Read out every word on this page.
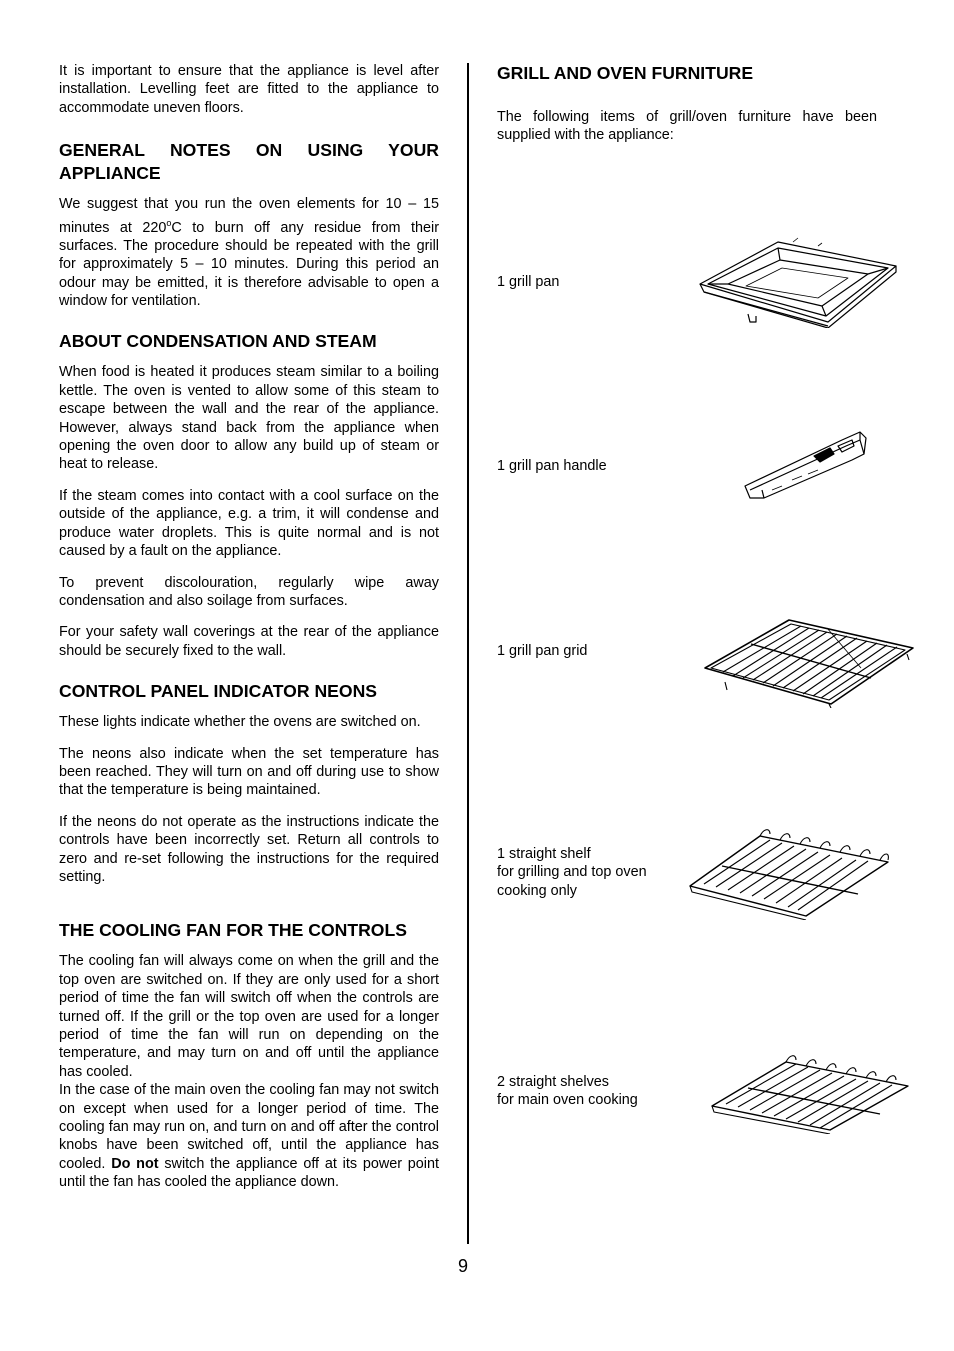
It is important to ensure that the appliance is level after installation. Levelling feet are fitted to the appliance to accommodate uneven floors.

GENERAL NOTES ON USING YOUR
APPLIANCE

We suggest that you run the oven elements for 10 – 15 minutes at 220$^o$C to burn off any residue from their surfaces. The procedure should be repeated with the grill for approximately 5 – 10 minutes. During this period an odour may be emitted, it is therefore advisable to open a window for ventilation.

ABOUT CONDENSATION AND STEAM

When food is heated it produces steam similar to a boiling kettle. The oven is vented to allow some of this steam to escape between the wall and the rear of the appliance. However, always stand back from the appliance when opening the oven door to allow any build up of steam or heat to release.

If the steam comes into contact with a cool surface on the outside of the appliance, e.g. a trim, it will condense and produce water droplets. This is quite normal and is not caused by a fault on the appliance.

To prevent discolouration, regularly wipe away condensation and also soilage from surfaces.

For your safety wall coverings at the rear of the appliance should be securely fixed to the wall.

CONTROL PANEL INDICATOR NEONS

These lights indicate whether the ovens are switched on.

The neons also indicate when the set temperature has been reached. They will turn on and off during use to show that the temperature is being maintained.

If the neons do not operate as the instructions indicate the controls have been incorrectly set. Return all controls to zero and re-set following the instructions for the required setting.

THE COOLING FAN FOR THE CONTROLS

The cooling fan will always come on when the grill and the top oven are switched on. If they are only used for a short period of time the fan will switch off when the controls are turned off. If the grill or the top oven are used for a longer period of time the fan will run on depending on the temperature, and may turn on and off until the appliance has cooled.

In the case of the main oven the cooling fan may not switch on except when used for a longer period of time. The cooling fan may run on, and turn on and off after the control knobs have been switched off, until the appliance has cooled. Do not switch the appliance off at its power point until the fan has cooled the appliance down.

GRILL AND OVEN FURNITURE

The following items of grill/oven furniture have been supplied with the appliance:

1 grill pan

1 grill pan handle

1 grill pan grid

1 straight shelf
for grilling and top oven
cooking only

2 straight shelves
for main oven cooking

9
